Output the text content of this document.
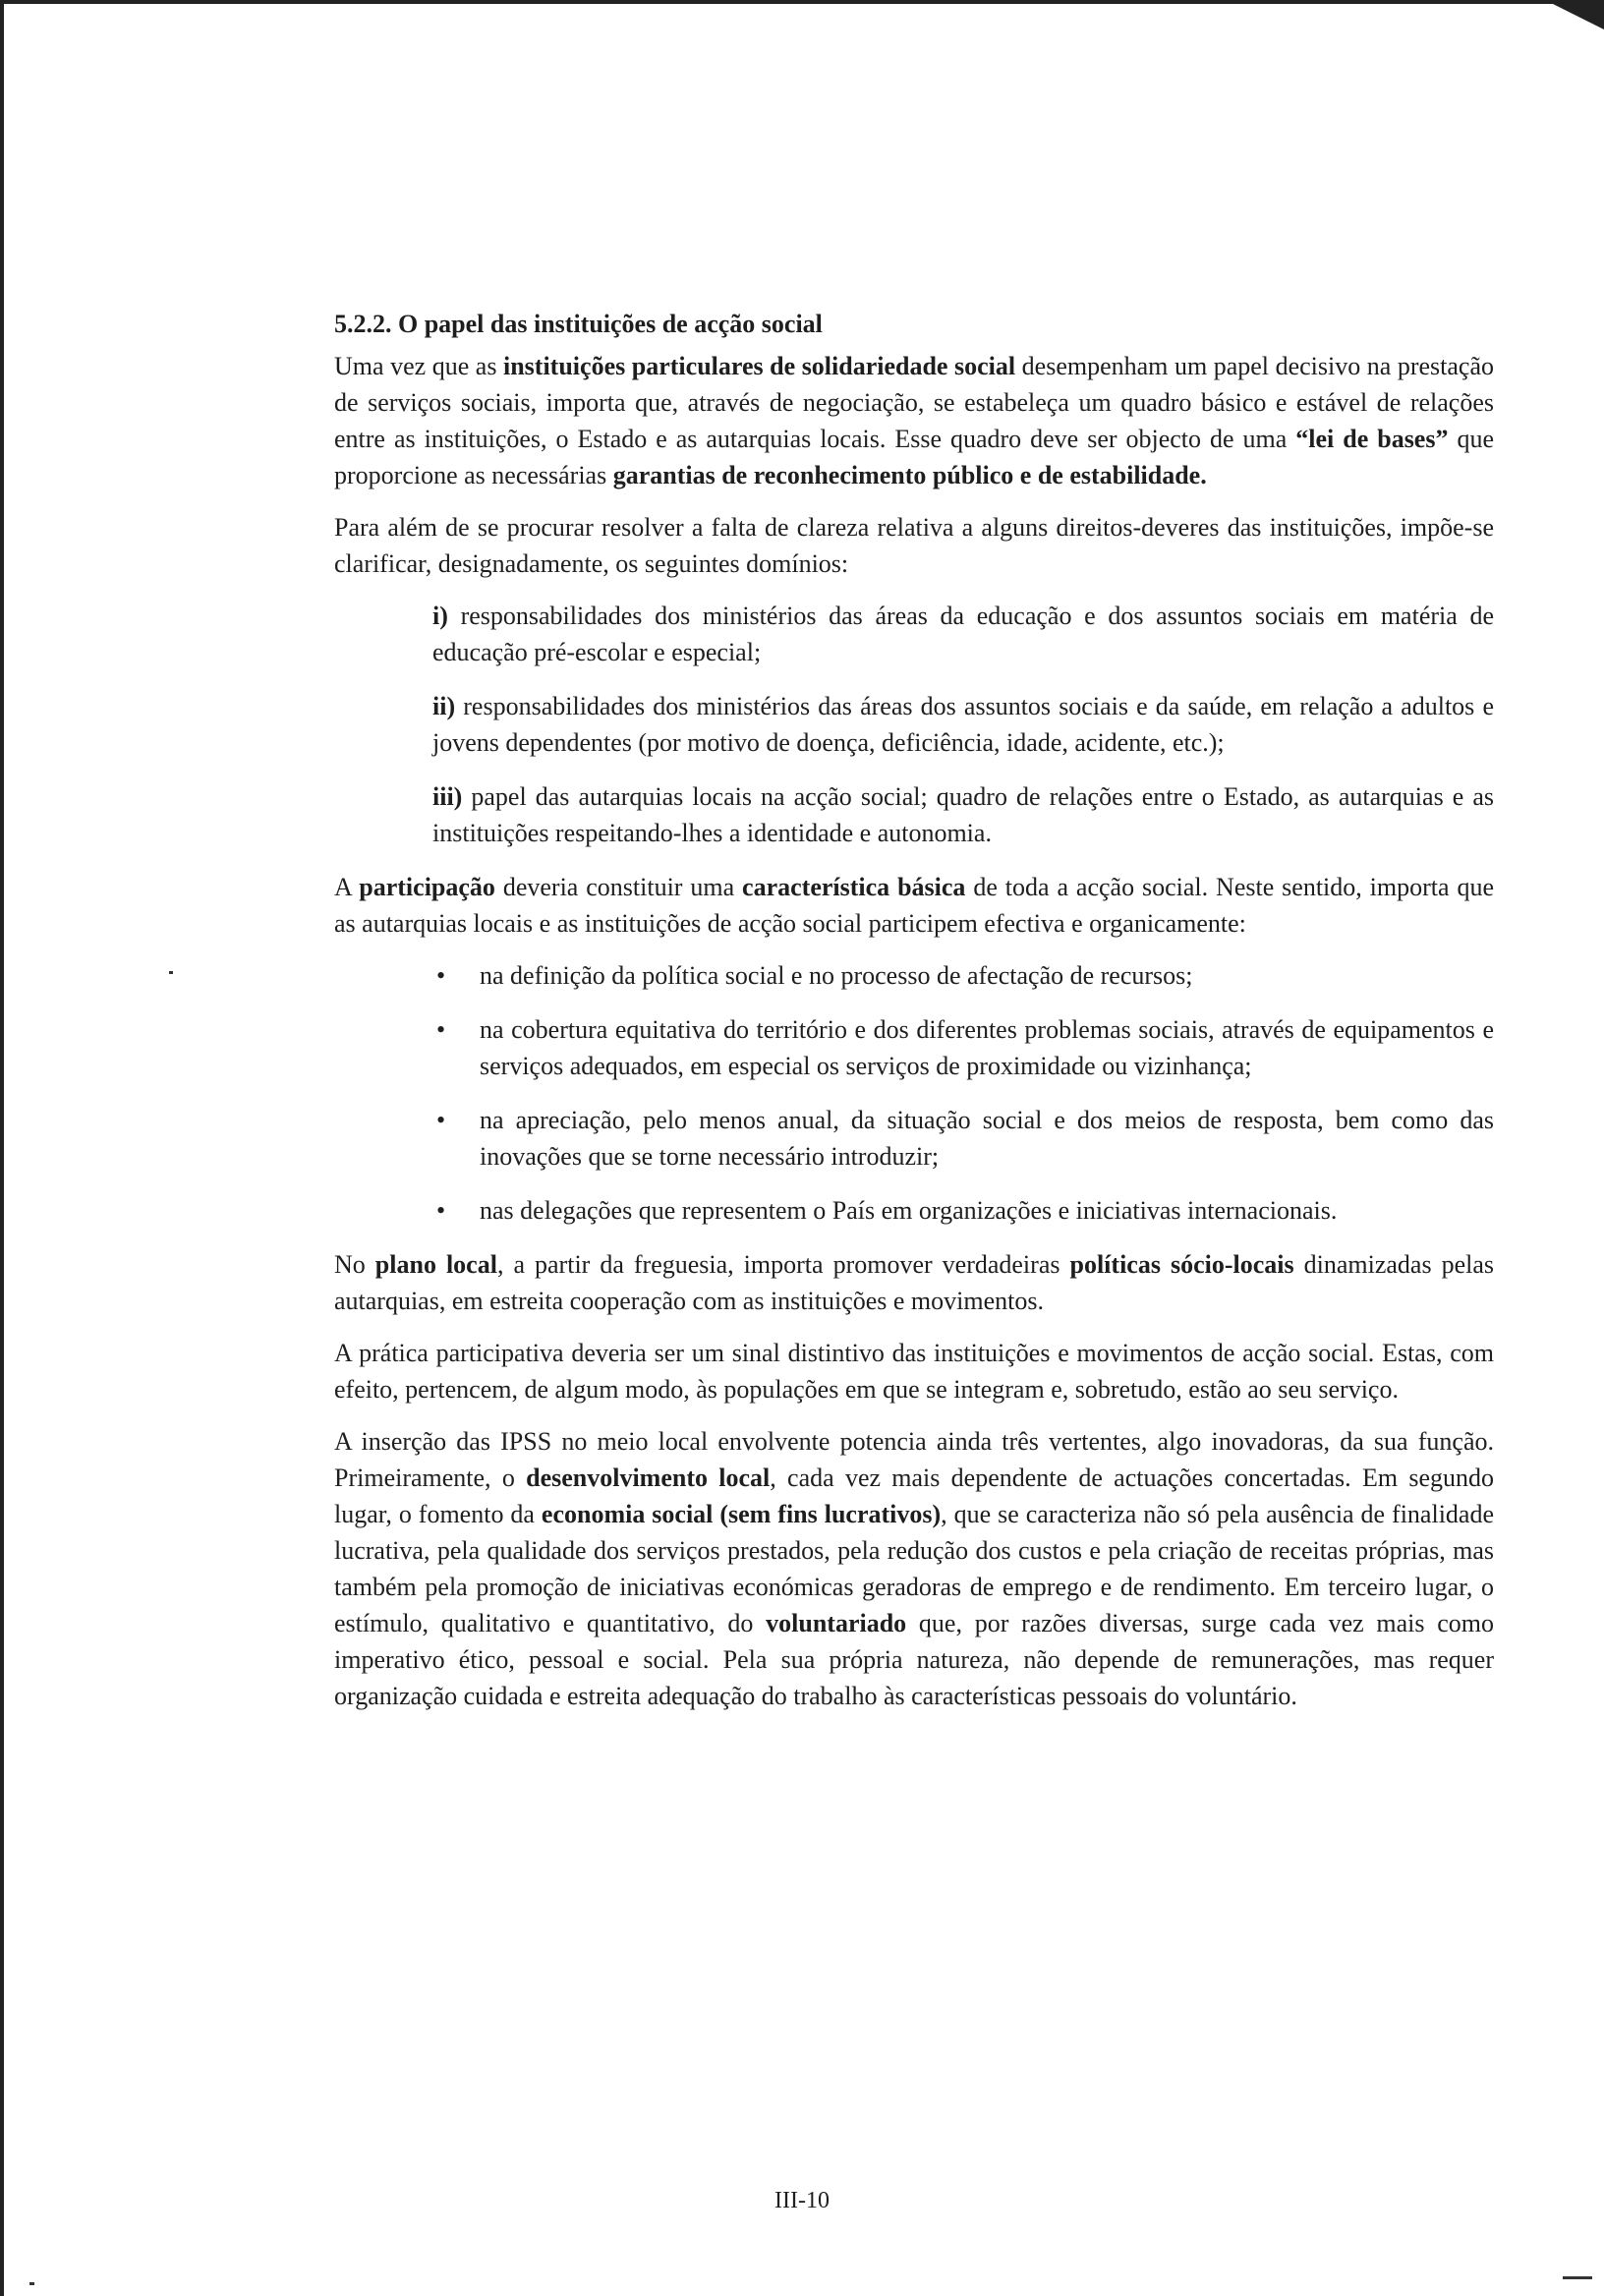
5.2.2. O papel das instituições de acção social

Uma vez que as instituições particulares de solidariedade social desempenham um papel decisivo na prestação de serviços sociais, importa que, através de negociação, se estabeleça um quadro básico e estável de relações entre as instituições, o Estado e as autarquias locais. Esse quadro deve ser objecto de uma “lei de bases” que proporcione as necessárias garantias de reconhecimento público e de estabilidade.

Para além de se procurar resolver a falta de clareza relativa a alguns direitos-deveres das instituições, impõe-se clarificar, designadamente, os seguintes domínios:

i) responsabilidades dos ministérios das áreas da educação e dos assuntos sociais em matéria de educação pré-escolar e especial;
ii) responsabilidades dos ministérios das áreas dos assuntos sociais e da saúde, em relação a adultos e jovens dependentes (por motivo de doença, deficiência, idade, acidente, etc.);
iii) papel das autarquias locais na acção social; quadro de relações entre o Estado, as autarquias e as instituições respeitando-lhes a identidade e autonomia.

A participação deveria constituir uma característica básica de toda a acção social. Neste sentido, importa que as autarquias locais e as instituições de acção social participem efectiva e organicamente:

• na definição da política social e no processo de afectação de recursos;
• na cobertura equitativa do território e dos diferentes problemas sociais, através de equipamentos e serviços adequados, em especial os serviços de proximidade ou vizinhança;
• na apreciação, pelo menos anual, da situação social e dos meios de resposta, bem como das inovações que se torne necessário introduzir;
• nas delegações que representem o País em organizações e iniciativas internacionais.

No plano local, a partir da freguesia, importa promover verdadeiras políticas sócio-locais dinamizadas pelas autarquias, em estreita cooperação com as instituições e movimentos.

A prática participativa deveria ser um sinal distintivo das instituições e movimentos de acção social. Estas, com efeito, pertencem, de algum modo, às populações em que se integram e, sobretudo, estão ao seu serviço.

A inserção das IPSS no meio local envolvente potencia ainda três vertentes, algo inovadoras, da sua função. Primeiramente, o desenvolvimento local, cada vez mais dependente de actuações concertadas. Em segundo lugar, o fomento da economia social (sem fins lucrativos), que se caracteriza não só pela ausência de finalidade lucrativa, pela qualidade dos serviços prestados, pela redução dos custos e pela criação de receitas próprias, mas também pela promoção de iniciativas económicas geradoras de emprego e de rendimento. Em terceiro lugar, o estímulo, qualitativo e quantitativo, do voluntariado que, por razões diversas, surge cada vez mais como imperativo ético, pessoal e social. Pela sua própria natureza, não depende de remunerações, mas requer organização cuidada e estreita adequação do trabalho às características pessoais do voluntário.

III-10
